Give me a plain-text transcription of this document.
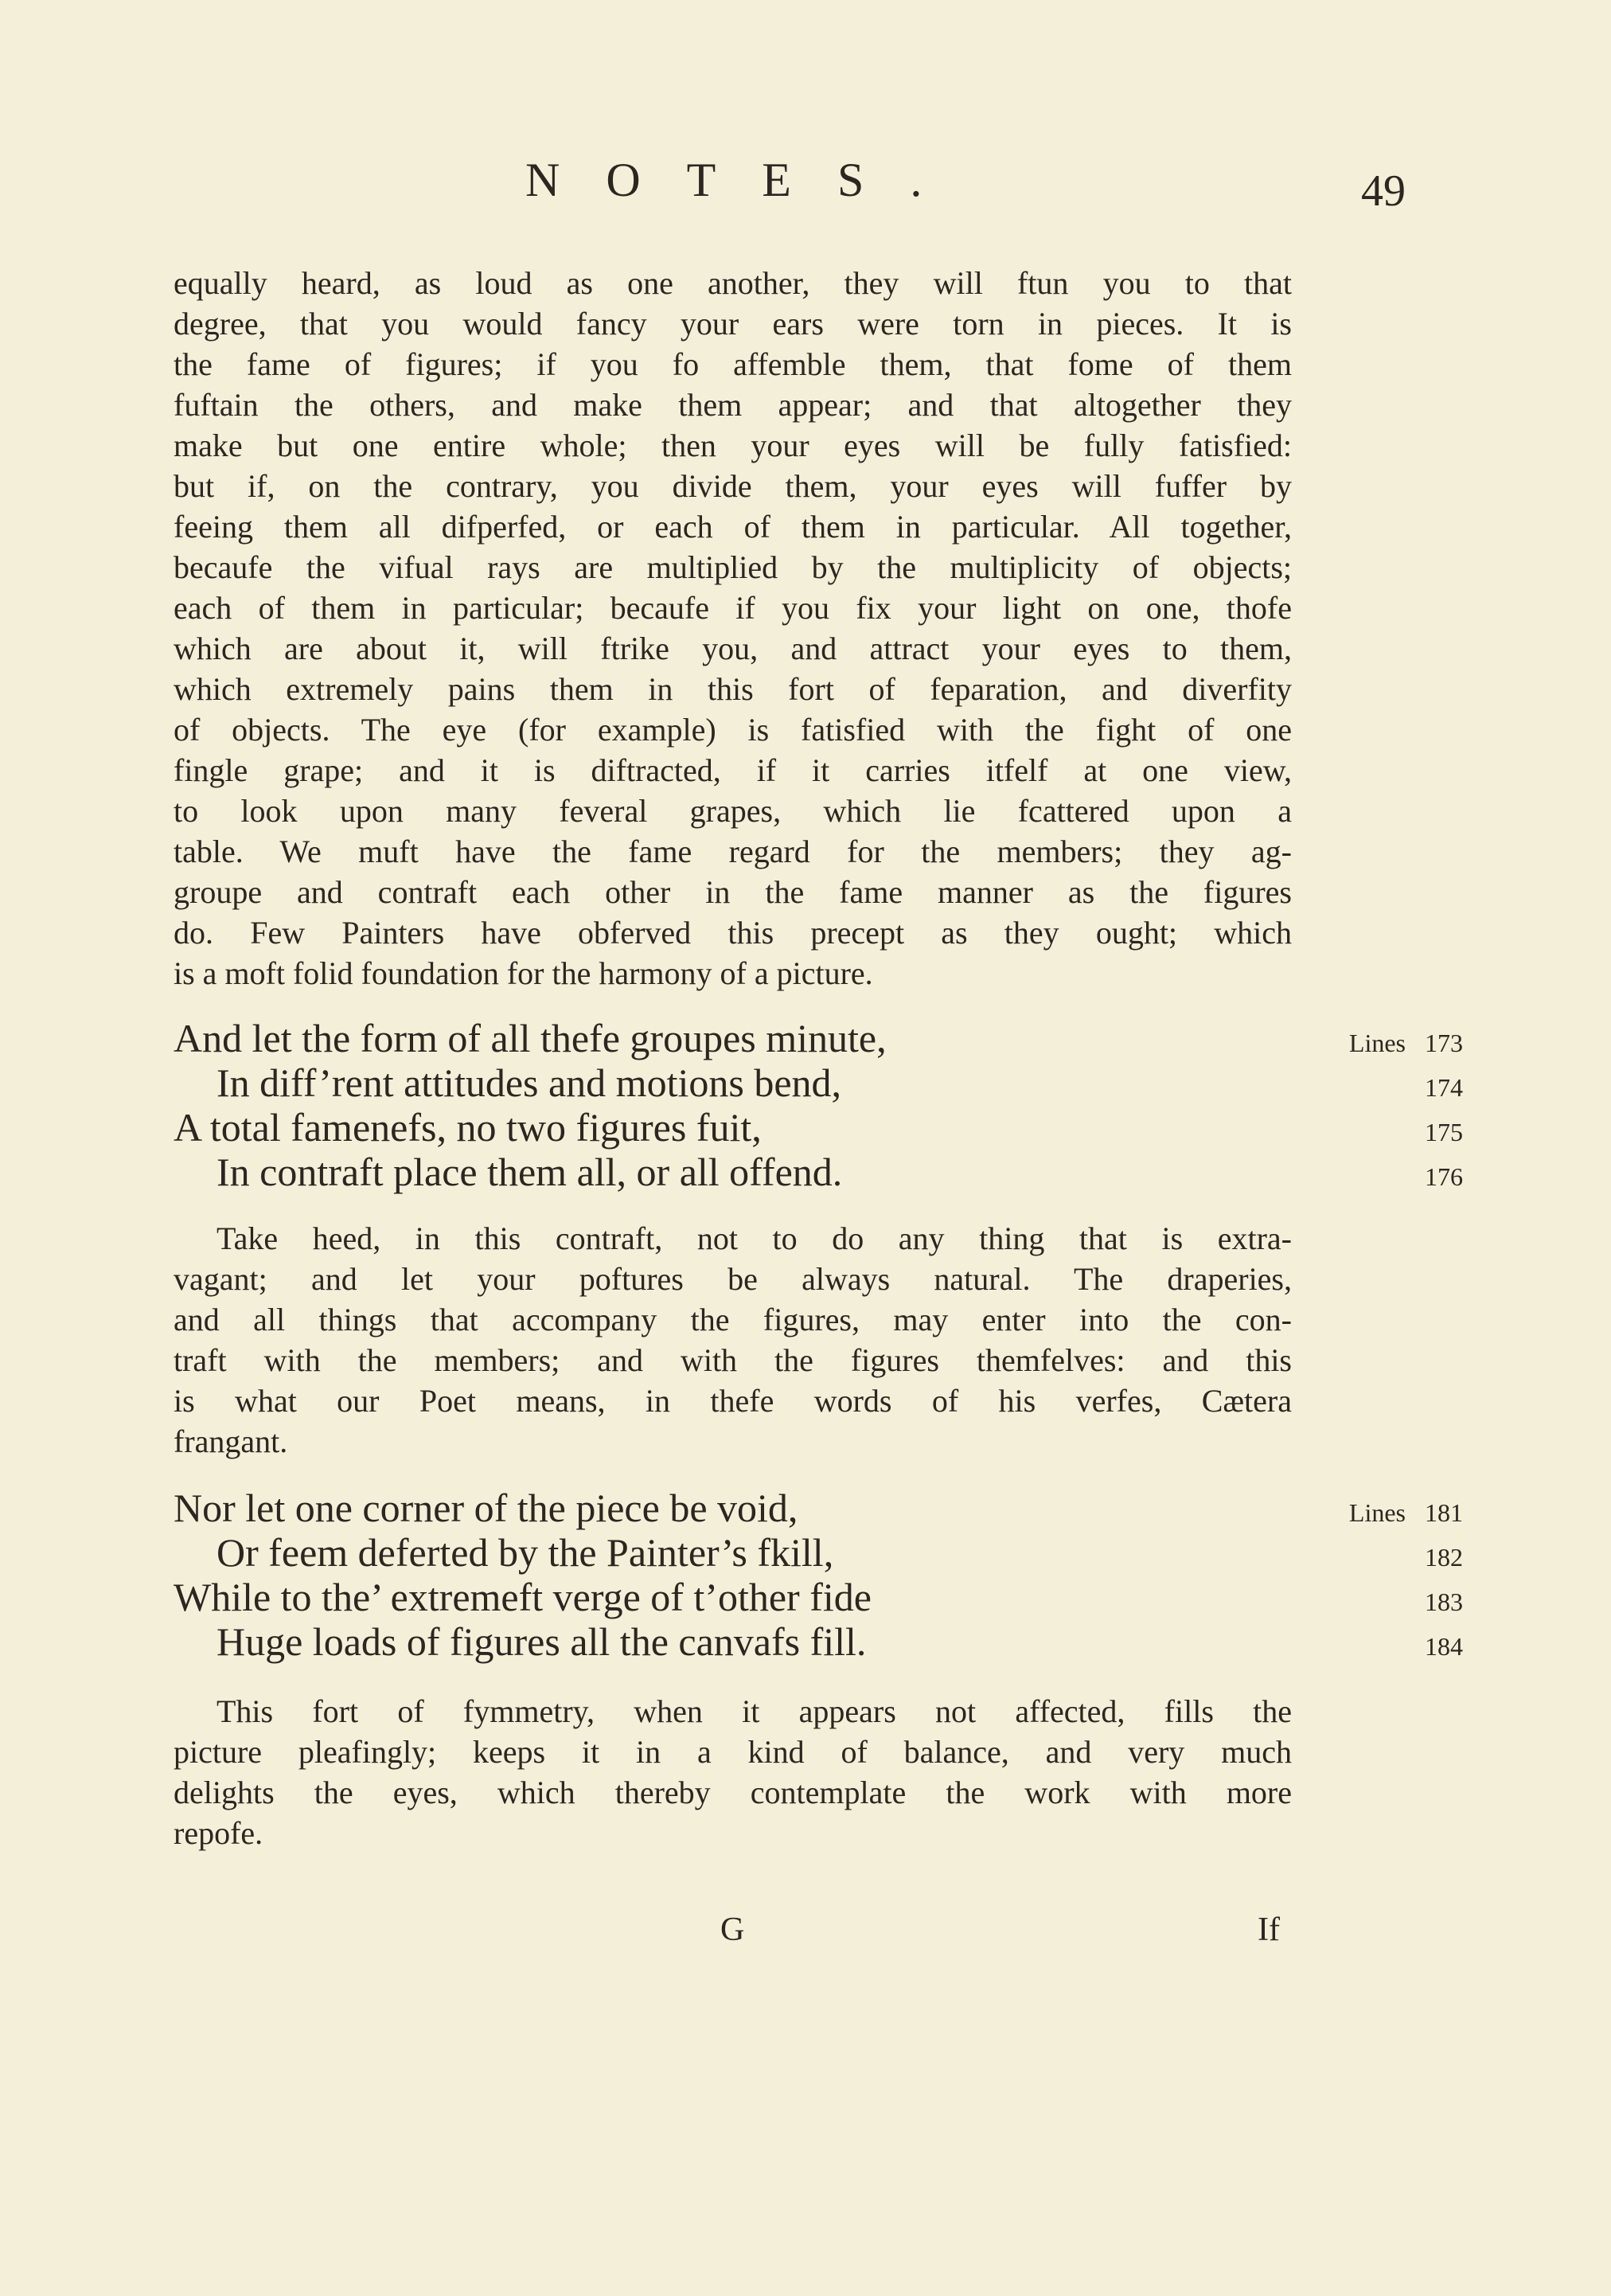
NOTES.	49

equally heard, as loud as one another, they will ftun you to that
degree, that you would fancy your ears were torn in pieces. It is
the fame of figures; if you fo affemble them, that fome of them
fuftain the others, and make them appear; and that altogether they
make but one entire whole; then your eyes will be fully fatisfied:
but if, on the contrary, you divide them, your eyes will fuffer by
feeing them all difperfed, or each of them in particular. All together,
becaufe the vifual rays are multiplied by the multiplicity of objects;
each of them in particular; becaufe if you fix your light on one, thofe
which are about it, will ftrike you, and attract your eyes to them,
which extremely pains them in this fort of feparation, and diverfity
of objects. The eye (for example) is fatisfied with the fight of one
fingle grape; and it is diftracted, if it carries itfelf at one view,
to look upon many feveral grapes, which lie fcattered upon a
table. We muft have the fame regard for the members; they ag-
groupe and contraft each other in the fame manner as the figures
do. Few Painters have obferved this precept as they ought; which
is a moft folid foundation for the harmony of a picture.

And let the form of all thefe groupes minute,	Lines 173
In diff’rent attitudes and motions bend,	174
A total famenefs, no two figures fuit,	175
In contraft place them all, or all offend.	176

Take heed, in this contraft, not to do any thing that is extra-
vagant; and let your poftures be always natural. The draperies,
and all things that accompany the figures, may enter into the con-
traft with the members; and with the figures themfelves: and this
is what our Poet means, in thefe words of his verfes, Cætera
frangant.

Nor let one corner of the piece be void,	Lines 181
Or feem deferted by the Painter’s fkill,	182
While to the’ extremeft verge of t’other fide	183
Huge loads of figures all the canvafs fill.	184

This fort of fymmetry, when it appears not affected, fills the
picture pleafingly; keeps it in a kind of balance, and very much
delights the eyes, which thereby contemplate the work with more
repofe.

G	If
